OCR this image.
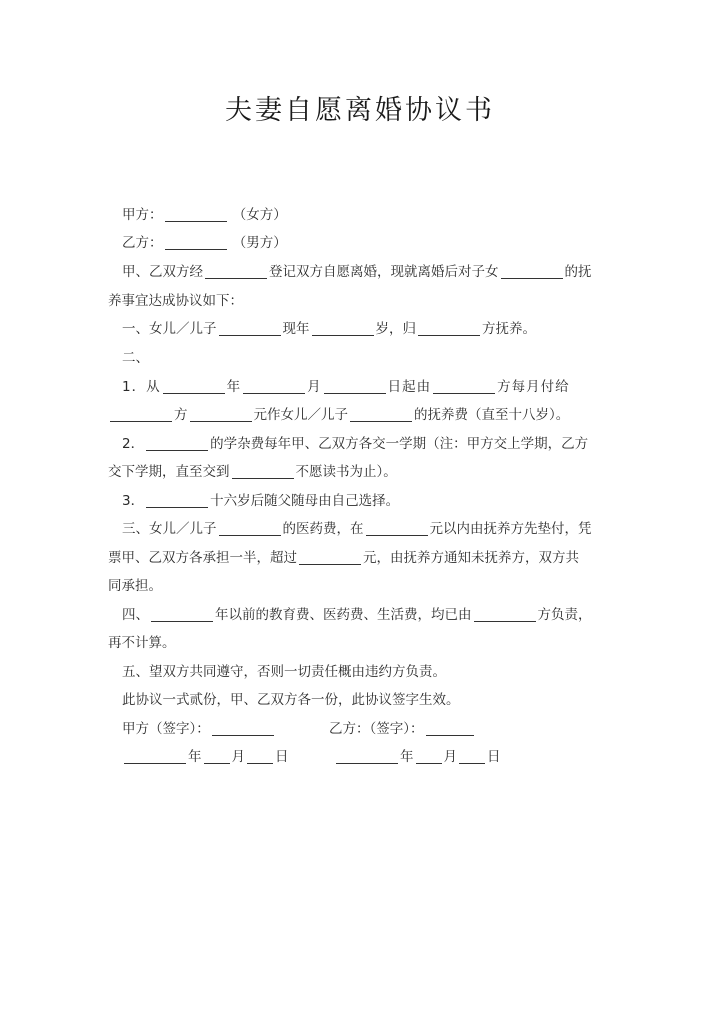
夫妻自愿离婚协议书
甲方：	（女方）
乙方：	（男方）
甲、乙双方经	登记双方自愿离婚，现就离婚后对子女	的抚
养事宜达成协议如下：
一、女儿／儿子	现年	岁，归	方抚养。
二、
1．从	年	月	日起由	方每月付给
方	元作女儿／儿子	的抚养费（直至十八岁）。
2．	的学杂费每年甲、乙双方各交一学期（注：甲方交上学期，乙方
交下学期，直至交到	不愿读书为止）。
3．	十六岁后随父随母由自己选择。
三、女儿／儿子	的医药费，在	元以内由抚养方先垫付，凭
票甲、乙双方各承担一半，超过	元，由抚养方通知未抚养方，双方共
同承担。
四、	年以前的教育费、医药费、生活费，均已由	方负责，
再不计算。
五、望双方共同遵守，否则一切责任概由违约方负责。
此协议一式贰份，甲、乙双方各一份，此协议签字生效。
甲方（签字）：	乙方：（签字）：
年 月 日	年 月 日
